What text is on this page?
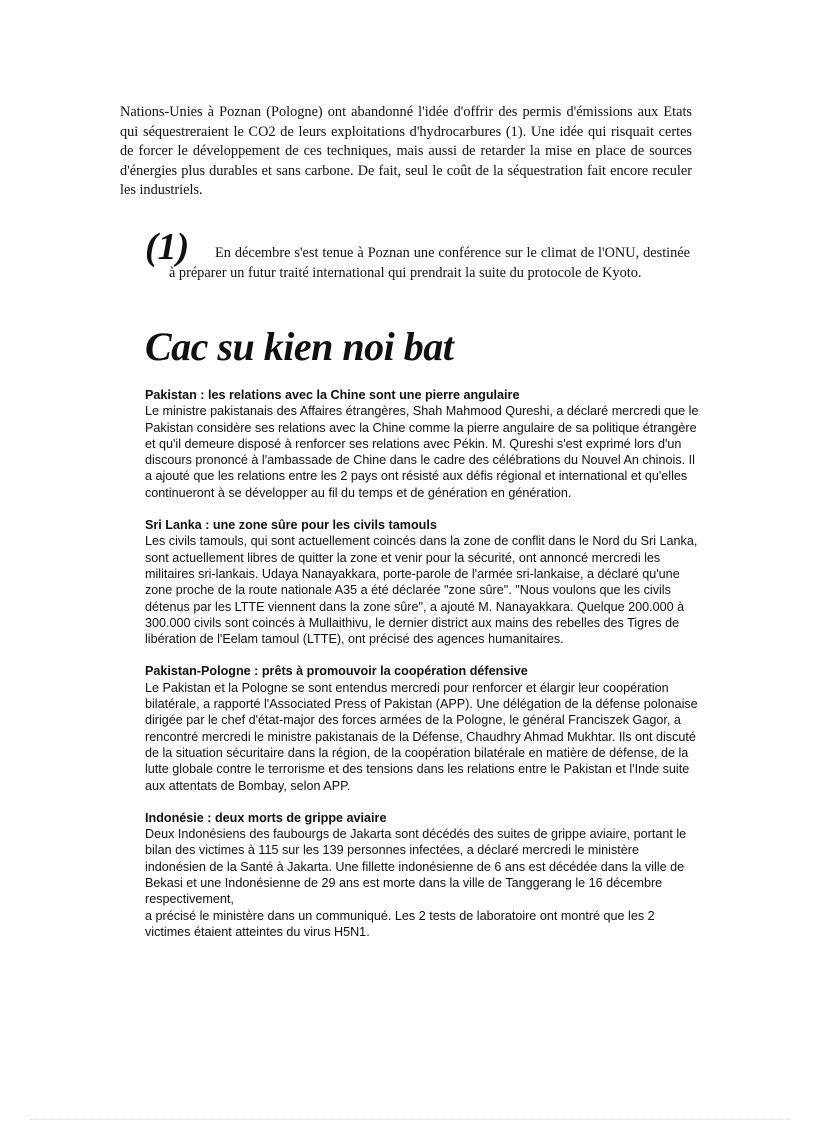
Nations-Unies à Poznan (Pologne) ont abandonné l'idée d'offrir des permis d'émissions aux Etats qui séquestreraient le CO2 de leurs exploitations d'hydrocarbures (1). Une idée qui risquait certes de forcer le développement de ces techniques, mais aussi de retarder la mise en place de sources d'énergies plus durables et sans carbone. De fait, seul le coût de la séquestration fait encore reculer les industriels.

(1)	En décembre s'est tenue à Poznan une conférence sur le climat de l'ONU, destinée à préparer un futur traité international qui prendrait la suite du protocole de Kyoto.

Cac su kien noi bat

Pakistan : les relations avec la Chine sont une pierre angulaire

Le ministre pakistanais des Affaires étrangères, Shah Mahmood Qureshi, a déclaré mercredi que le Pakistan considère ses relations avec la Chine comme la pierre angulaire de sa politique étrangère et qu'il demeure disposé à renforcer ses relations avec Pékin. M. Qureshi s'est exprimé lors d'un discours prononcé à l'ambassade de Chine dans le cadre des célébrations du Nouvel An chinois. Il a ajouté que les relations entre les 2 pays ont résisté aux défis régional et international et qu'elles continueront à se développer au fil du temps et de génération en génération.

Sri Lanka : une zone sûre pour les civils tamouls

Les civils tamouls, qui sont actuellement coincés dans la zone de conflit dans le Nord du Sri Lanka, sont actuellement libres de quitter la zone et venir pour la sécurité, ont annoncé mercredi les militaires sri-lankais. Udaya Nanayakkara, porte-parole de l'armée sri-lankaise, a déclaré qu'une zone proche de la route nationale A35 a été déclarée "zone sûre". "Nous voulons que les civils détenus par les LTTE viennent dans la zone sûre", a ajouté M. Nanayakkara. Quelque 200.000 à 300.000 civils sont coincés à Mullaithivu, le dernier district aux mains des rebelles des Tigres de libération de l'Eelam tamoul (LTTE), ont précisé des agences humanitaires.

Pakistan-Pologne : prêts à promouvoir la coopération défensive

Le Pakistan et la Pologne se sont entendus mercredi pour renforcer et élargir leur coopération bilatérale, a rapporté l'Associated Press of Pakistan (APP). Une délégation de la défense polonaise dirigée par le chef d'état-major des forces armées de la Pologne, le général Franciszek Gagor, a rencontré mercredi le ministre pakistanais de la Défense, Chaudhry Ahmad Mukhtar. Ils ont discuté de la situation sécuritaire dans la région, de la coopération bilatérale en matière de défense, de la lutte globale contre le terrorisme et des tensions dans les relations entre le Pakistan et l'Inde suite aux attentats de Bombay, selon APP.

Indonésie : deux morts de grippe aviaire

Deux Indonésiens des faubourgs de Jakarta sont décédés des suites de grippe aviaire, portant le bilan des victimes à 115 sur les 139 personnes infectées, a déclaré mercredi le ministère indonésien de la Santé à Jakarta. Une fillette indonésienne de 6 ans est décédée dans la ville de Bekasi et une Indonésienne de 29 ans est morte dans la ville de Tanggerang le 16 décembre respectivement,

a précisé le ministère dans un communiqué. Les 2 tests de laboratoire ont montré que les 2 victimes étaient atteintes du virus H5N1.
